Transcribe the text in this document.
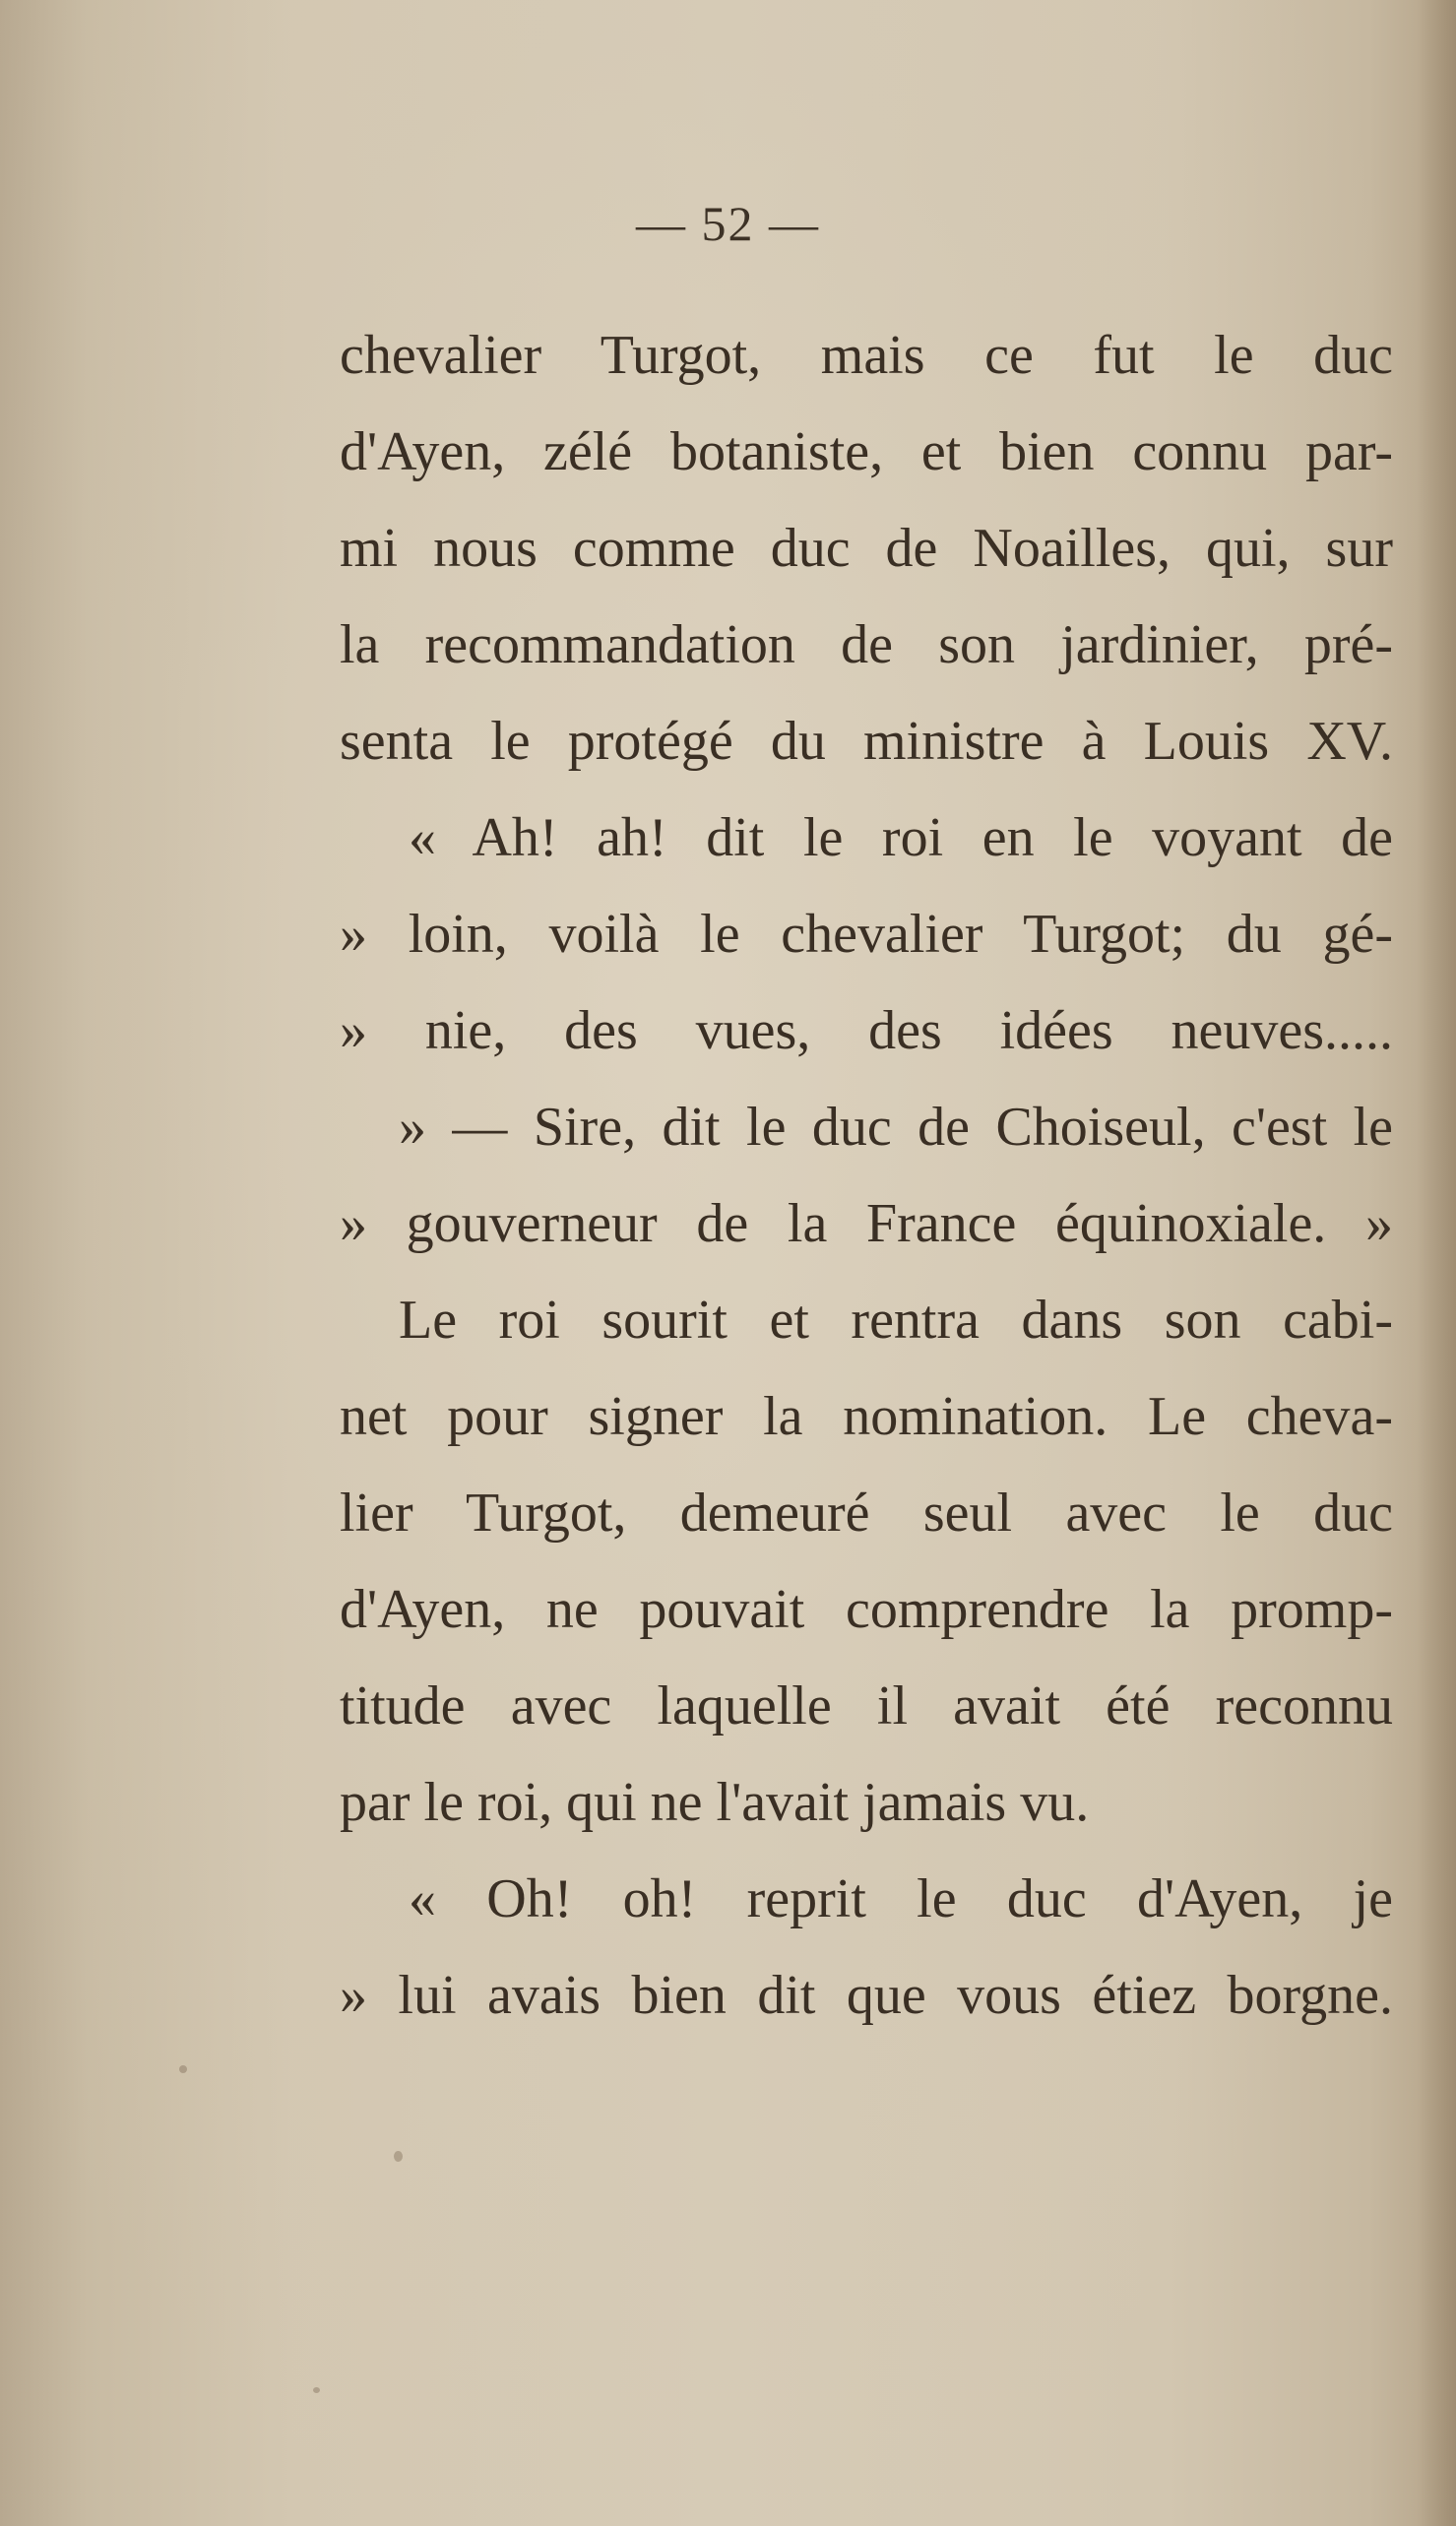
— 52 —
chevalier Turgot, mais ce fut le duc
d'Ayen, zélé botaniste, et bien connu par-
mi nous comme duc de Noailles, qui, sur
la recommandation de son jardinier, pré-
senta le protégé du ministre à Louis XV.
« Ah! ah! dit le roi en le voyant de
» loin, voilà le chevalier Turgot; du gé-
» nie, des vues, des idées neuves.....
» — Sire, dit le duc de Choiseul, c'est le
» gouverneur de la France équinoxiale. »
Le roi sourit et rentra dans son cabi-
net pour signer la nomination. Le cheva-
lier Turgot, demeuré seul avec le duc
d'Ayen, ne pouvait comprendre la promp-
titude avec laquelle il avait été reconnu
par le roi, qui ne l'avait jamais vu.
« Oh! oh! reprit le duc d'Ayen, je
» lui avais bien dit que vous étiez borgne.
